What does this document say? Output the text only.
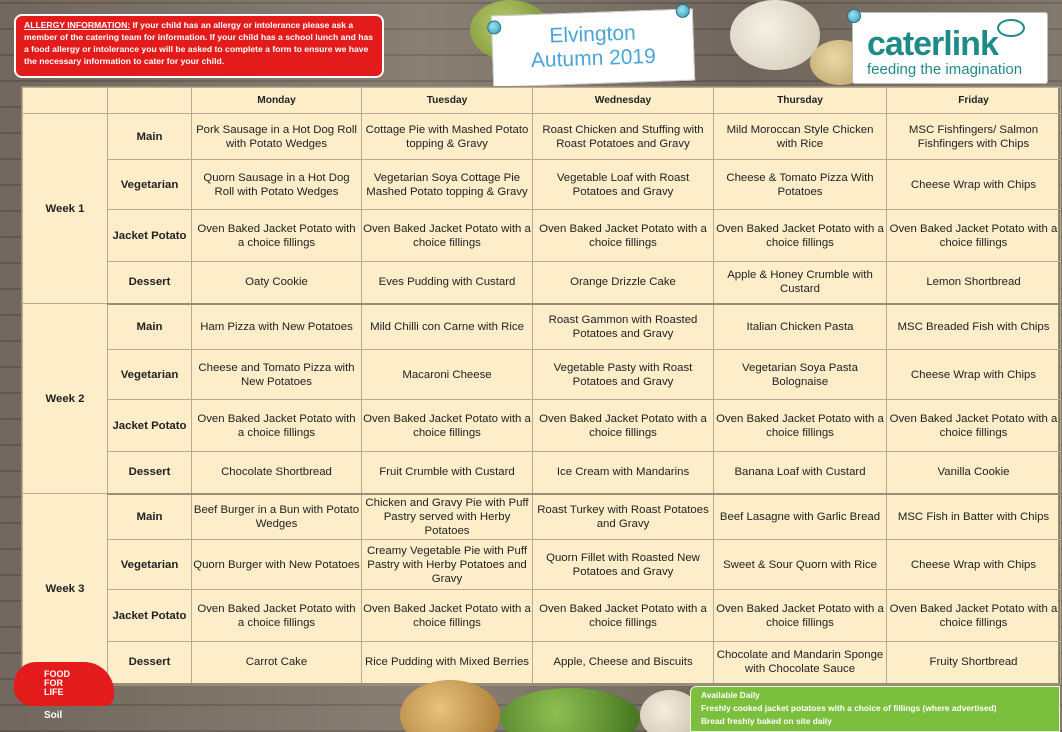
ALLERGY INFORMATION: If your child has an allergy or intolerance please ask a member of the catering team for information. If your child has a school lunch and has a food allergy or intolerance you will be asked to complete a form to ensure we have the necessary information to cater for your child.
Elvington
Autumn 2019	caterlink
feeding the imagination
		Monday	Tuesday	Wednesday	Thursday	Friday
Week 1	Main	Pork Sausage in a Hot Dog Roll with Potato Wedges	Cottage Pie with Mashed Potato topping & Gravy	Roast Chicken and Stuffing with Roast Potatoes and Gravy	Mild Moroccan Style Chicken with Rice	MSC Fishfingers/ Salmon Fishfingers with Chips
	Vegetarian	Quorn Sausage in a Hot Dog Roll with Potato Wedges	Vegetarian Soya Cottage Pie Mashed Potato topping & Gravy	Vegetable Loaf with Roast Potatoes and Gravy	Cheese & Tomato Pizza With Potatoes	Cheese Wrap with Chips
	Jacket Potato	Oven Baked Jacket Potato with a choice fillings	Oven Baked Jacket Potato with a choice fillings	Oven Baked Jacket Potato with a choice fillings	Oven Baked Jacket Potato with a choice fillings	Oven Baked Jacket Potato with a choice fillings
	Dessert	Oaty Cookie	Eves Pudding with Custard	Orange Drizzle Cake	Apple & Honey Crumble with Custard	Lemon Shortbread
Week 2	Main	Ham Pizza with New Potatoes	Mild Chilli con Carne with Rice	Roast Gammon with Roasted Potatoes and Gravy	Italian Chicken Pasta	MSC Breaded Fish with Chips
	Vegetarian	Cheese and Tomato Pizza with New Potatoes	Macaroni Cheese	Vegetable Pasty with Roast Potatoes and Gravy	Vegetarian Soya Pasta Bolognaise	Cheese Wrap with Chips
	Jacket Potato	Oven Baked Jacket Potato with a choice fillings	Oven Baked Jacket Potato with a choice fillings	Oven Baked Jacket Potato with a choice fillings	Oven Baked Jacket Potato with a choice fillings	Oven Baked Jacket Potato with a choice fillings
	Dessert	Chocolate Shortbread	Fruit Crumble with Custard	Ice Cream with Mandarins	Banana Loaf with Custard	Vanilla Cookie
Week 3	Main	Beef Burger in a Bun with Potato Wedges	Chicken and Gravy Pie with Puff Pastry served with Herby Potatoes	Roast Turkey with Roast Potatoes and Gravy	Beef Lasagne with Garlic Bread	MSC Fish in Batter with Chips
	Vegetarian	Quorn Burger with New Potatoes	Creamy Vegetable Pie with Puff Pastry with Herby Potatoes and Gravy	Quorn Fillet with Roasted New Potatoes and Gravy	Sweet & Sour Quorn with Rice	Cheese Wrap with Chips
	Jacket Potato	Oven Baked Jacket Potato with a choice fillings	Oven Baked Jacket Potato with a choice fillings	Oven Baked Jacket Potato with a choice fillings	Oven Baked Jacket Potato with a choice fillings	Oven Baked Jacket Potato with a choice fillings
	Dessert	Carrot Cake	Rice Pudding with Mixed Berries	Apple, Cheese and Biscuits	Chocolate and Mandarin Sponge with Chocolate Sauce	Fruity Shortbread
FOOD
FOR
LIFE
Soil
Available Daily
Freshly cooked jacket potatoes with a choice of fillings (where advertised)
Bread freshly baked on site daily
